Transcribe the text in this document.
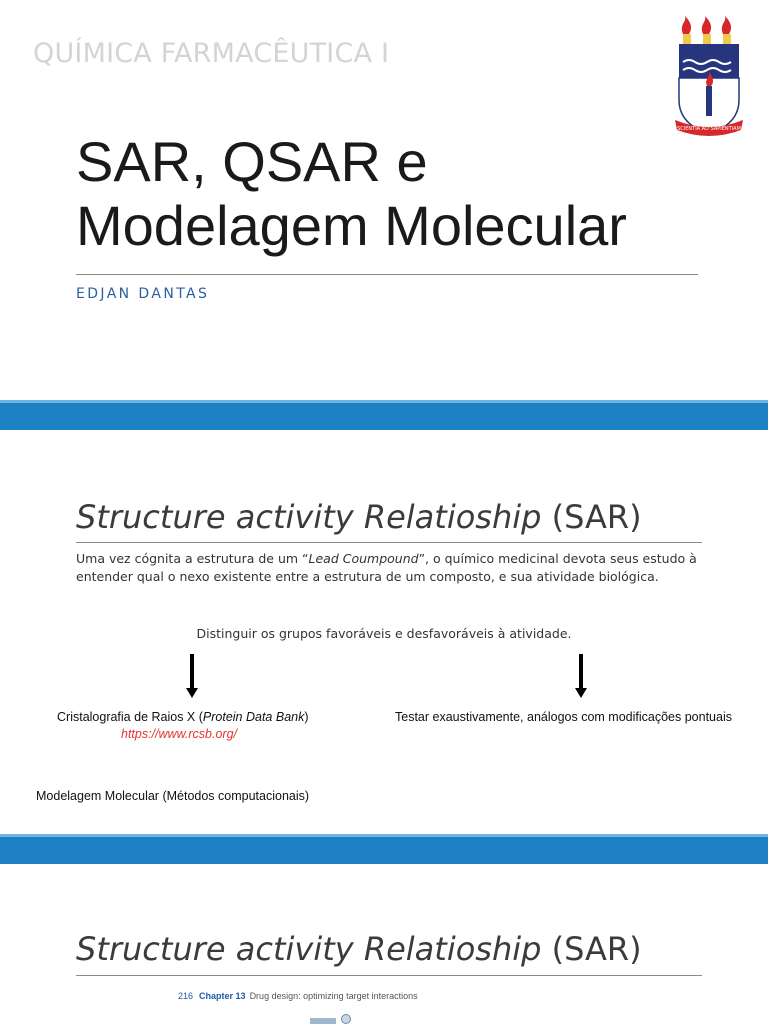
QUÍMICA FARMACÊUTICA I
SCIENTIA AD SAPIENTIAM
SAR, QSAR e
Modelagem Molecular
EDJAN DANTAS
Structure activity Relatioship (SAR)
Uma vez cógnita a estrutura de um “Lead Coumpound”, o químico medicinal devota seus estudo à entender qual o nexo existente entre a estrutura de um composto, e sua atividade biológica.
Distinguir os grupos favoráveis e desfavoráveis à atividade.
Cristalografia de Raios X (Protein Data Bank)
https://www.rcsb.org/
Testar exaustivamente, análogos com modificações pontuais
Modelagem Molecular (Métodos computacionais)
Structure activity Relatioship (SAR)
216 Chapter 13 Drug design: optimizing target interactions
